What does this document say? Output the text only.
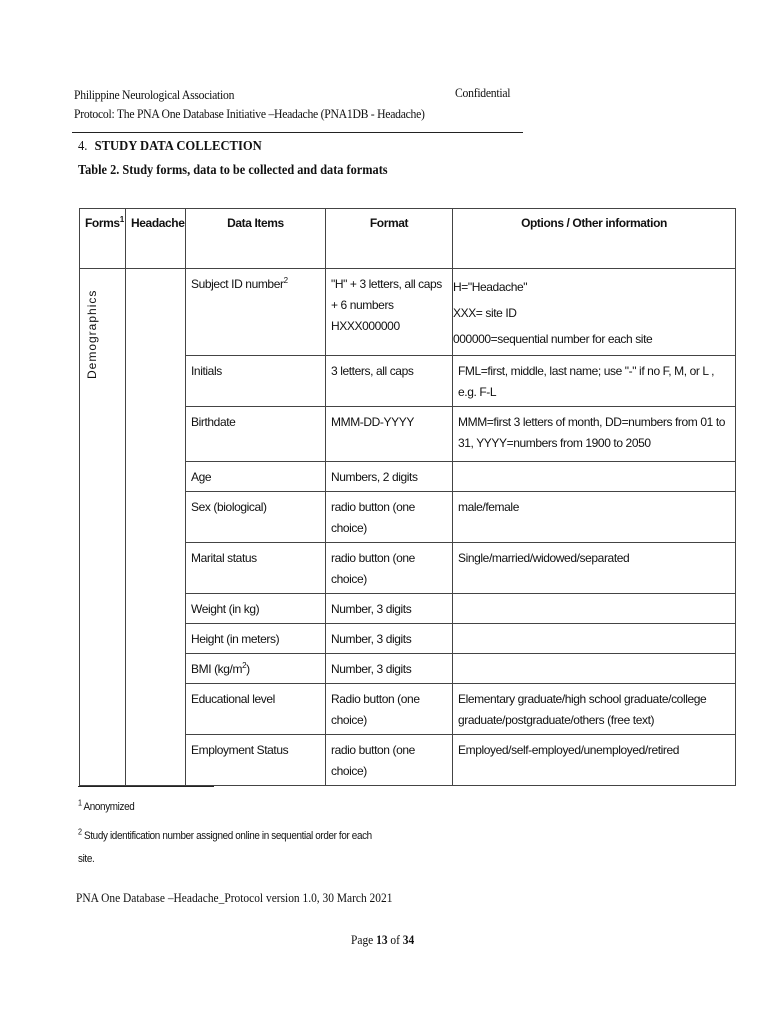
Philippine Neurological Association
Protocol: The PNA One Database Initiative –Headache (PNA1DB - Headache)
Confidential
4. STUDY DATA COLLECTION
Table 2. Study forms, data to be collected and data formats
Forms$^1$	Headache	Data Items	Format	Options / Other information

Demographics		Subject ID number$^2$	"H" + 3 letters, all caps + 6 numbers HXXX000000	H="Headache"
XXX= site ID
000000=sequential number for each site

		Initials	3 letters, all caps	FML=first, middle, last name; use "-" if no F, M, or L , e.g. F-L

		Birthdate	MMM-DD-YYYY	MMM=first 3 letters of month, DD=numbers from 01 to 31, YYYY=numbers from 1900 to 2050

		Age	Numbers, 2 digits	

		Sex (biological)	radio button (one choice)	male/female

		Marital status	radio button (one choice)	Single/married/widowed/separated

		Weight (in kg)	Number, 3 digits	

		Height (in meters)	Number, 3 digits	

		BMI $(kg/m^2)$	Number, 3 digits	

		Educational level	Radio button (one choice)	Elementary graduate/high school graduate/college graduate/postgraduate/others (free text)

		Employment Status	radio button (one choice)	Employed/self-employed/unemployed/retired
$^1$ Anonymized
$^2$ Study identification number assigned online in sequential order for each site.
PNA One Database –Headache_Protocol version 1.0, 30 March 2021
Page 13 of 34
